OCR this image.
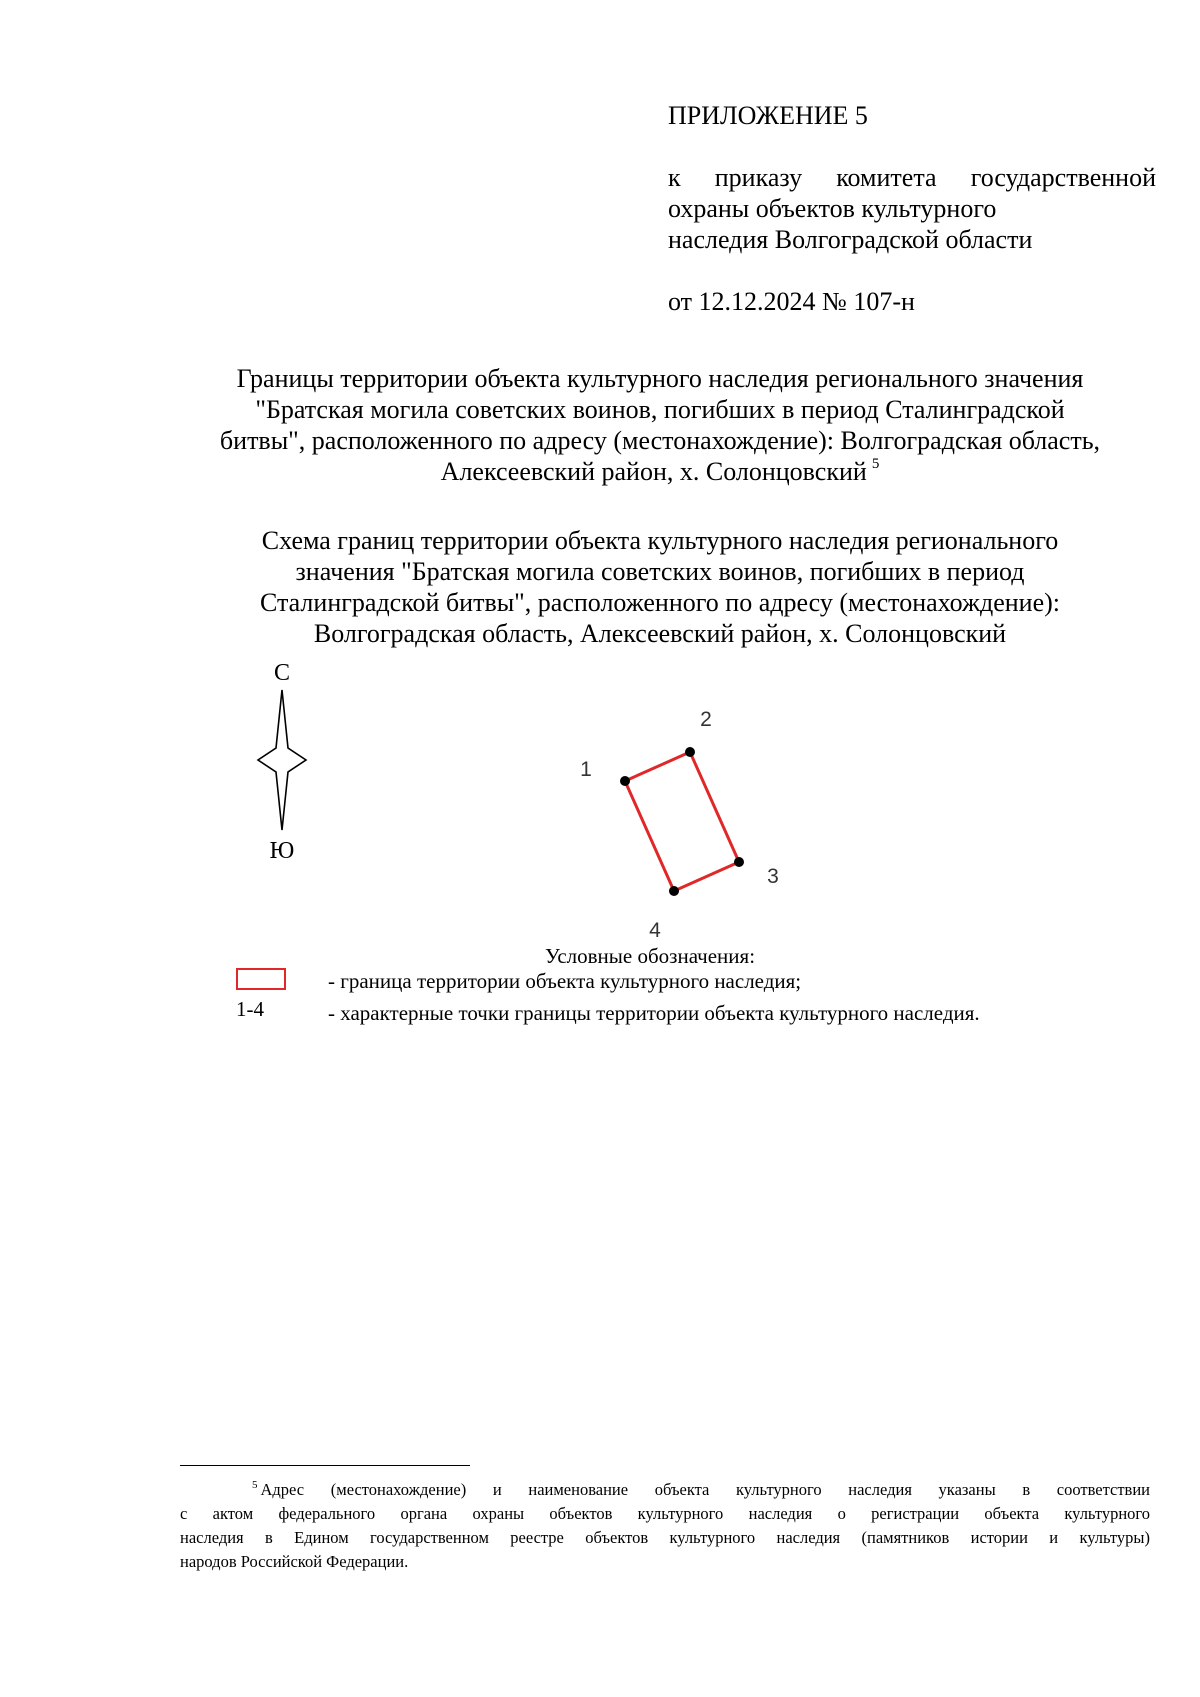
ПРИЛОЖЕНИЕ 5
к приказу комитета государственной
охраны объектов культурного
наследия Волгоградской области
от 12.12.2024 № 107-н
Границы территории объекта культурного наследия регионального значения
"Братская могила советских воинов, погибших в период Сталинградской
битвы", расположенного по адресу (местонахождение): Волгоградская область,
Алексеевский район, х. Солонцовский $^5$
Схема границ территории объекта культурного наследия регионального
значения "Братская могила советских воинов, погибших в период
Сталинградской битвы", расположенного по адресу (местонахождение):
Волгоградская область, Алексеевский район, х. Солонцовский
С
Ю
1
2
3
4
Условные обозначения:
1-4
- граница территории объекта культурного наследия;
- характерные точки границы территории объекта культурного наследия.
$^5$ Адрес (местонахождение) и наименование объекта культурного наследия указаны в соответствии
с актом федерального органа охраны объектов культурного наследия о регистрации объекта культурного
наследия в Едином государственном реестре объектов культурного наследия (памятников истории и культуры)
народов Российской Федерации.
